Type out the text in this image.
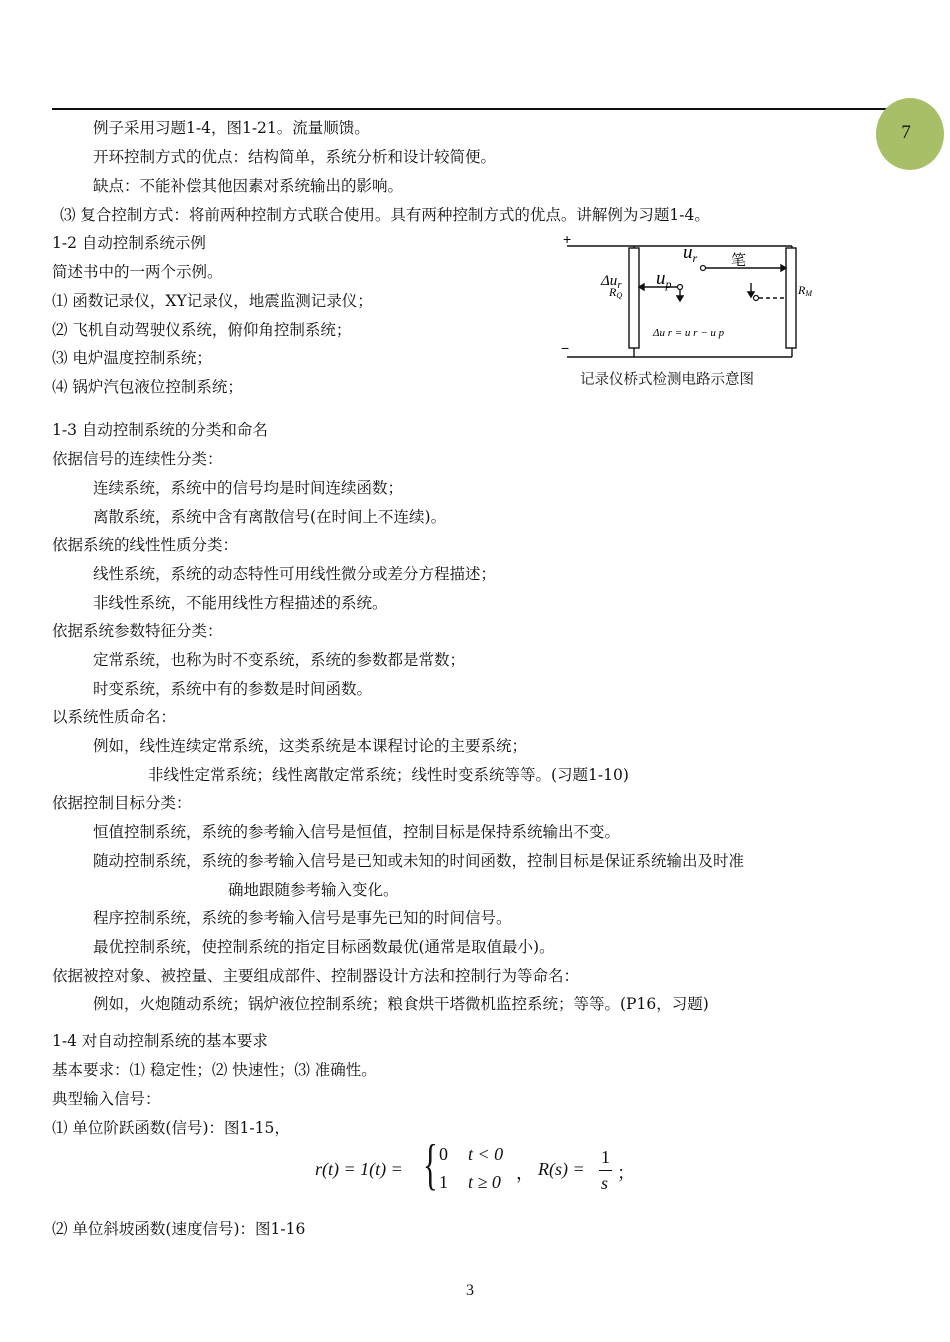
7
例子采用习题1-4，图1-21。流量顺馈。
开环控制方式的优点：结构简单，系统分析和设计较简便。
缺点：不能补偿其他因素对系统输出的影响。
⑶ 复合控制方式：将前两种控制方式联合使用。具有两种控制方式的优点。讲解例为习题1-4。
1-2 自动控制系统示例
简述书中的一两个示例。
⑴ 函数记录仪，XY记录仪，地震监测记录仪；
⑵ 飞机自动驾驶仪系统，俯仰角控制系统；
⑶ 电炉温度控制系统；
⑷ 锅炉汽包液位控制系统；
+
−
$u_r$
$u_p$
笔
$\Delta u_r$
RQ	RM
Δu r = u r − u p
记录仪桥式检测电路示意图
1-3 自动控制系统的分类和命名
依据信号的连续性分类：
连续系统，系统中的信号均是时间连续函数；
离散系统，系统中含有离散信号(在时间上不连续)。
依据系统的线性性质分类：
线性系统，系统的动态特性可用线性微分或差分方程描述；
非线性系统，不能用线性方程描述的系统。
依据系统参数特征分类：
定常系统，也称为时不变系统，系统的参数都是常数；
时变系统，系统中有的参数是时间函数。
以系统性质命名：
例如，线性连续定常系统，这类系统是本课程讨论的主要系统；
非线性定常系统；线性离散定常系统；线性时变系统等等。(习题1-10)
依据控制目标分类：
恒值控制系统，系统的参考输入信号是恒值，控制目标是保持系统输出不变。
随动控制系统，系统的参考输入信号是已知或未知的时间函数，控制目标是保证系统输出及时准
确地跟随参考输入变化。
程序控制系统，系统的参考输入信号是事先已知的时间信号。
最优控制系统，使控制系统的指定目标函数最优(通常是取值最小)。
依据被控对象、被控量、主要组成部件、控制器设计方法和控制行为等命名：
例如，火炮随动系统；锅炉液位控制系统；粮食烘干塔微机监控系统；等等。(P16，习题)
1-4 对自动控制系统的基本要求
基本要求：⑴ 稳定性；⑵ 快速性；⑶ 准确性。
典型输入信号：
⑴ 单位阶跃函数(信号)：图1-15，
r(t) = 1(t) = { 0 t < 0
1 t ≥ 0 ， R(s) =
1
s ；
⑵ 单位斜坡函数(速度信号)：图1-16
3
